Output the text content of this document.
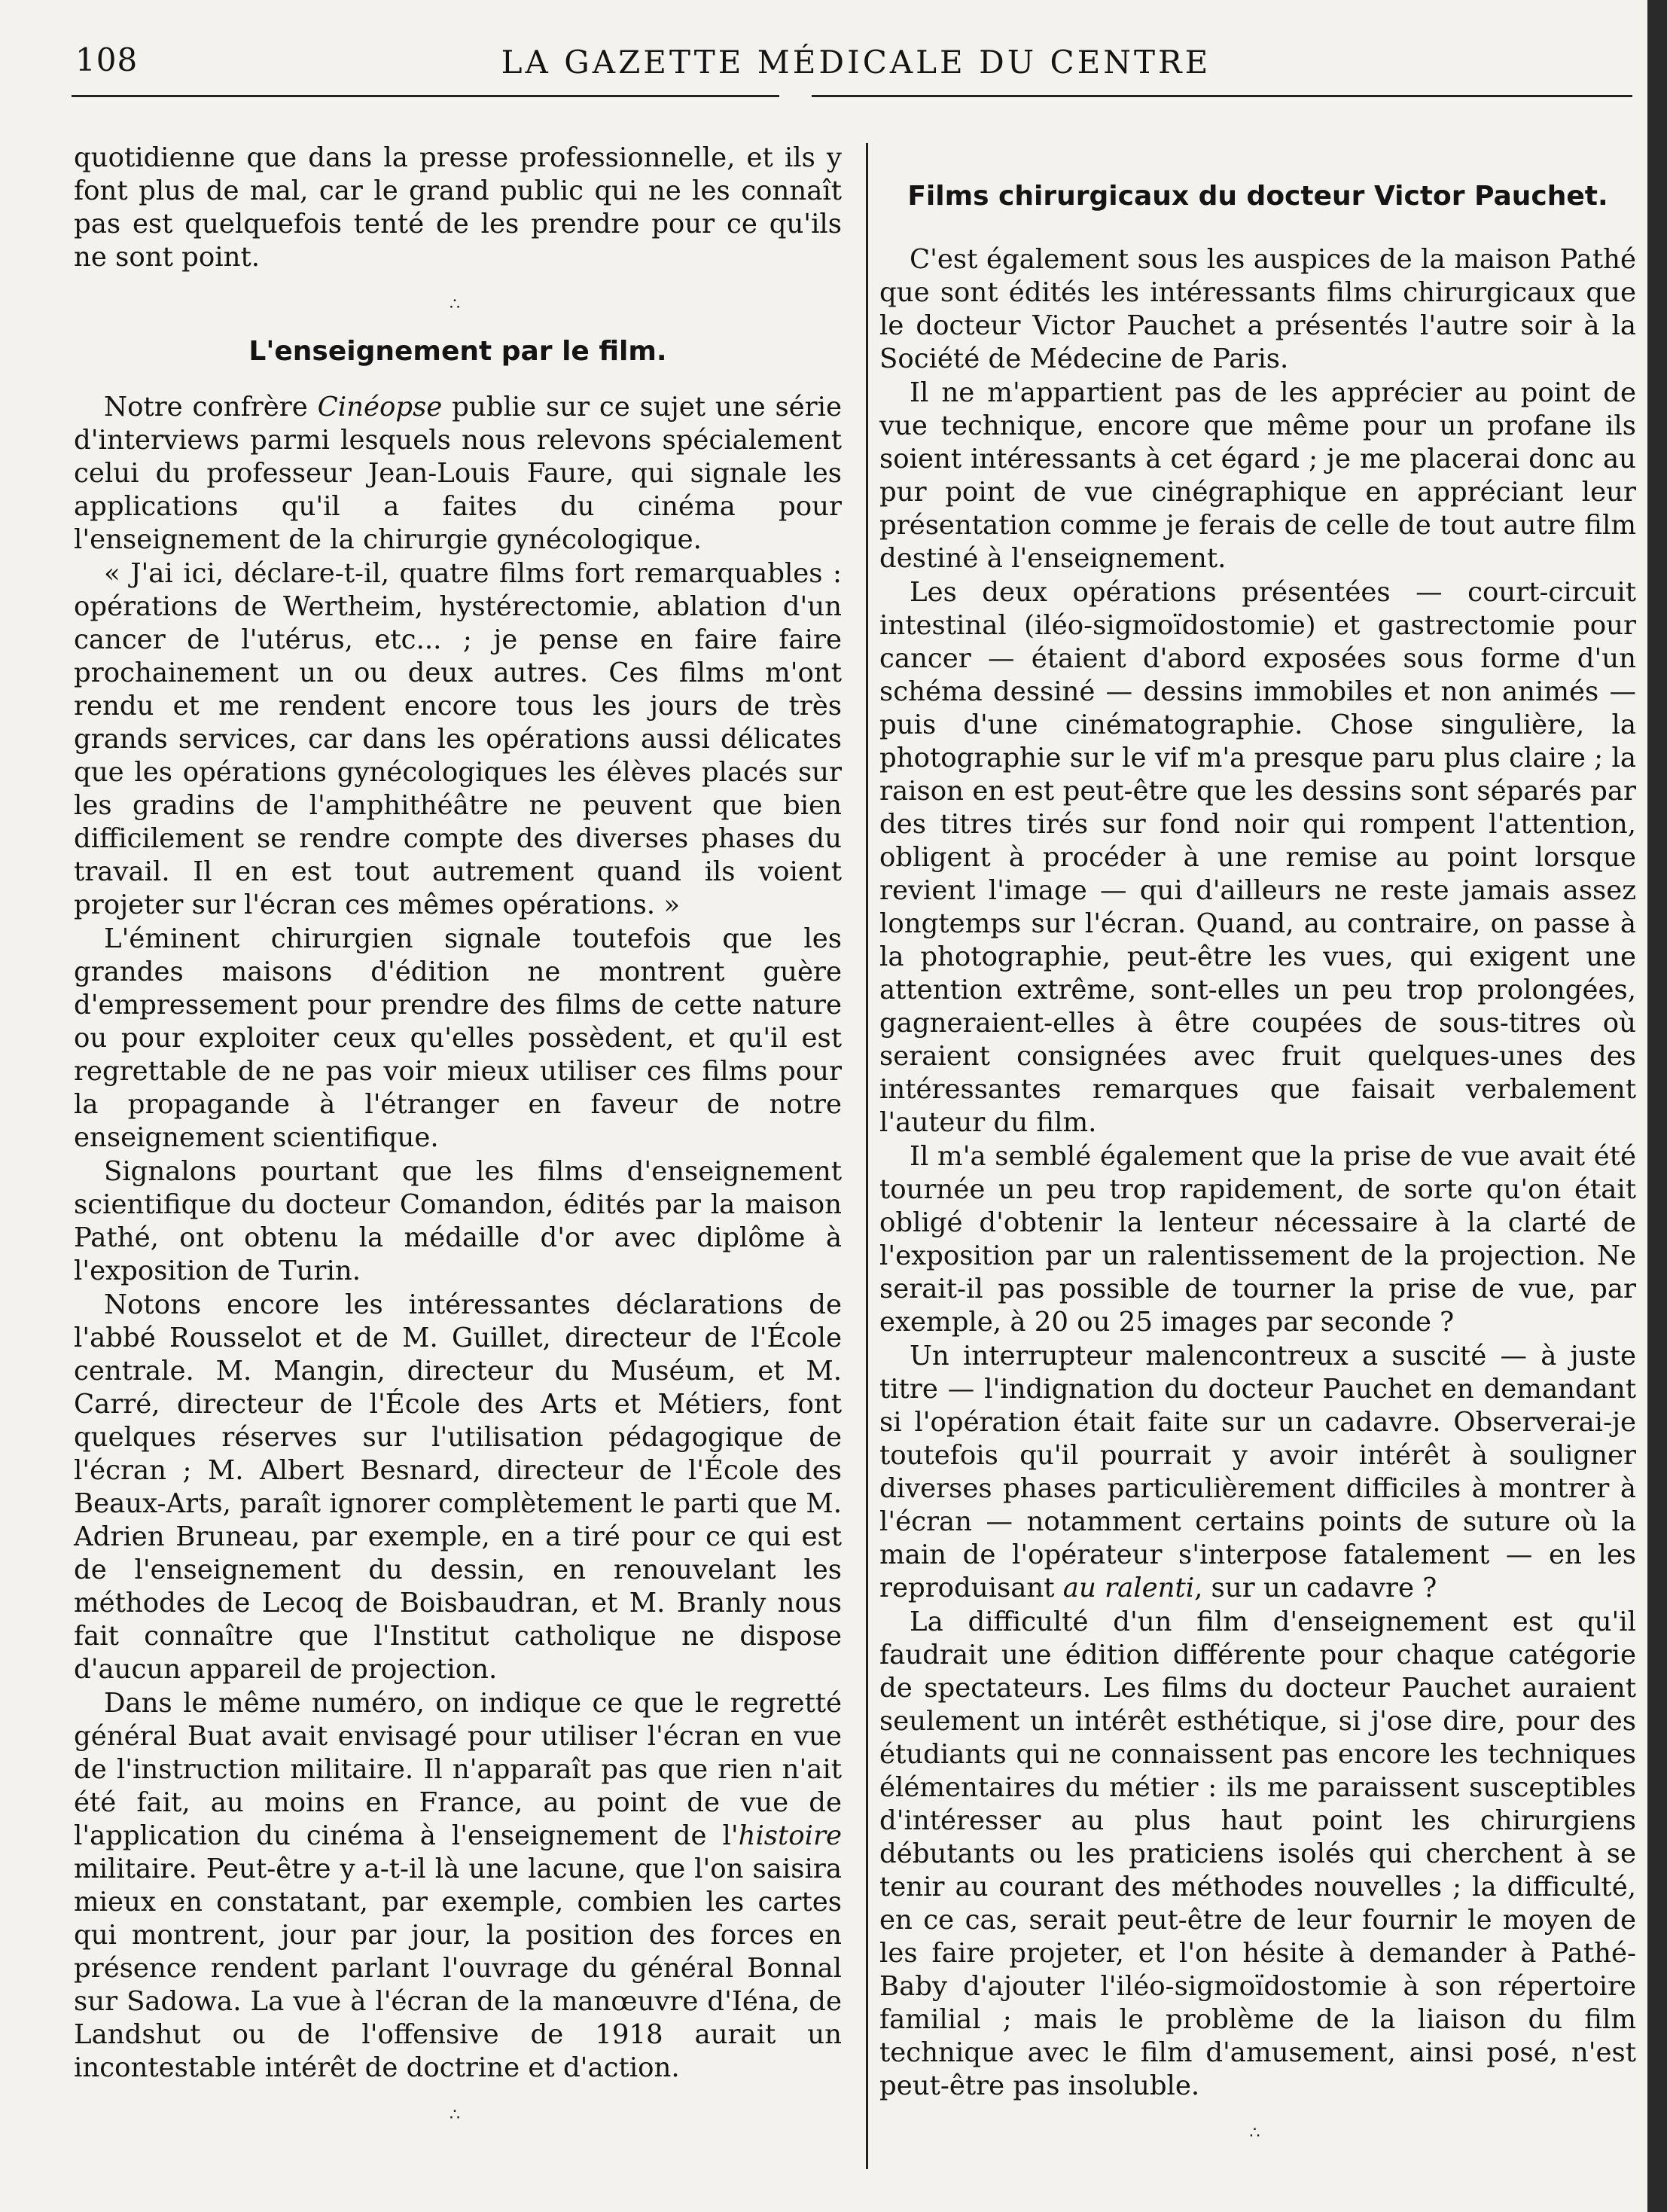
108	LA GAZETTE MÉDICALE DU CENTRE

quotidienne que dans la presse professionnelle, et ils y font plus de mal, car le grand public qui ne les connaît pas est quelquefois tenté de les prendre pour ce qu'ils ne sont point.

∴
L'enseignement par le film.

Notre confrère Cinéopse publie sur ce sujet une série d'interviews parmi lesquels nous relevons spécialement celui du professeur Jean-Louis Faure, qui signale les applications qu'il a faites du cinéma pour l'enseignement de la chirurgie gynécologique.

« J'ai ici, déclare-t-il, quatre films fort remarquables : opérations de Wertheim, hystérectomie, ablation d'un cancer de l'utérus, etc... ; je pense en faire faire prochainement un ou deux autres. Ces films m'ont rendu et me rendent encore tous les jours de très grands services, car dans les opérations aussi délicates que les opérations gynécologiques les élèves placés sur les gradins de l'amphithéâtre ne peuvent que bien difficilement se rendre compte des diverses phases du travail. Il en est tout autrement quand ils voient projeter sur l'écran ces mêmes opérations. »

L'éminent chirurgien signale toutefois que les grandes maisons d'édition ne montrent guère d'empressement pour prendre des films de cette nature ou pour exploiter ceux qu'elles possèdent, et qu'il est regrettable de ne pas voir mieux utiliser ces films pour la propagande à l'étranger en faveur de notre enseignement scientifique.

Signalons pourtant que les films d'enseignement scientifique du docteur Comandon, édités par la maison Pathé, ont obtenu la médaille d'or avec diplôme à l'exposition de Turin.

Notons encore les intéressantes déclarations de l'abbé Rousselot et de M. Guillet, directeur de l'École centrale. M. Mangin, directeur du Muséum, et M. Carré, directeur de l'École des Arts et Métiers, font quelques réserves sur l'utilisation pédagogique de l'écran ; M. Albert Besnard, directeur de l'École des Beaux-Arts, paraît ignorer complètement le parti que M. Adrien Bruneau, par exemple, en a tiré pour ce qui est de l'enseignement du dessin, en renouvelant les méthodes de Lecoq de Boisbaudran, et M. Branly nous fait connaître que l'Institut catholique ne dispose d'aucun appareil de projection.

Dans le même numéro, on indique ce que le regretté général Buat avait envisagé pour utiliser l'écran en vue de l'instruction militaire. Il n'apparaît pas que rien n'ait été fait, au moins en France, au point de vue de l'application du cinéma à l'enseignement de l'histoire militaire. Peut-être y a-t-il là une lacune, que l'on saisira mieux en constatant, par exemple, combien les cartes qui montrent, jour par jour, la position des forces en présence rendent parlant l'ouvrage du général Bonnal sur Sadowa. La vue à l'écran de la manœuvre d'Iéna, de Landshut ou de l'offensive de 1918 aurait un incontestable intérêt de doctrine et d'action.

∴
Films chirurgicaux du docteur Victor Pauchet.

C'est également sous les auspices de la maison Pathé que sont édités les intéressants films chirurgicaux que le docteur Victor Pauchet a présentés l'autre soir à la Société de Médecine de Paris.

Il ne m'appartient pas de les apprécier au point de vue technique, encore que même pour un profane ils soient intéressants à cet égard ; je me placerai donc au pur point de vue cinégraphique en appréciant leur présentation comme je ferais de celle de tout autre film destiné à l'enseignement.

Les deux opérations présentées — court-circuit intestinal (iléo-sigmoïdostomie) et gastrectomie pour cancer — étaient d'abord exposées sous forme d'un schéma dessiné — dessins immobiles et non animés — puis d'une cinématographie. Chose singulière, la photographie sur le vif m'a presque paru plus claire ; la raison en est peut-être que les dessins sont séparés par des titres tirés sur fond noir qui rompent l'attention, obligent à procéder à une remise au point lorsque revient l'image — qui d'ailleurs ne reste jamais assez longtemps sur l'écran. Quand, au contraire, on passe à la photographie, peut-être les vues, qui exigent une attention extrême, sont-elles un peu trop prolongées, gagneraient-elles à être coupées de sous-titres où seraient consignées avec fruit quelques-unes des intéressantes remarques que faisait verbalement l'auteur du film.

Il m'a semblé également que la prise de vue avait été tournée un peu trop rapidement, de sorte qu'on était obligé d'obtenir la lenteur nécessaire à la clarté de l'exposition par un ralentissement de la projection. Ne serait-il pas possible de tourner la prise de vue, par exemple, à 20 ou 25 images par seconde ?

Un interrupteur malencontreux a suscité — à juste titre — l'indignation du docteur Pauchet en demandant si l'opération était faite sur un cadavre. Observerai-je toutefois qu'il pourrait y avoir intérêt à souligner diverses phases particulièrement difficiles à montrer à l'écran — notamment certains points de suture où la main de l'opérateur s'interpose fatalement — en les reproduisant au ralenti, sur un cadavre ?

La difficulté d'un film d'enseignement est qu'il faudrait une édition différente pour chaque catégorie de spectateurs. Les films du docteur Pauchet auraient seulement un intérêt esthétique, si j'ose dire, pour des étudiants qui ne connaissent pas encore les techniques élémentaires du métier : ils me paraissent susceptibles d'intéresser au plus haut point les chirurgiens débutants ou les praticiens isolés qui cherchent à se tenir au courant des méthodes nouvelles ; la difficulté, en ce cas, serait peut-être de leur fournir le moyen de les faire projeter, et l'on hésite à demander à Pathé-Baby d'ajouter l'iléo-sigmoïdostomie à son répertoire familial ; mais le problème de la liaison du film technique avec le film d'amusement, ainsi posé, n'est peut-être pas insoluble.

∴
